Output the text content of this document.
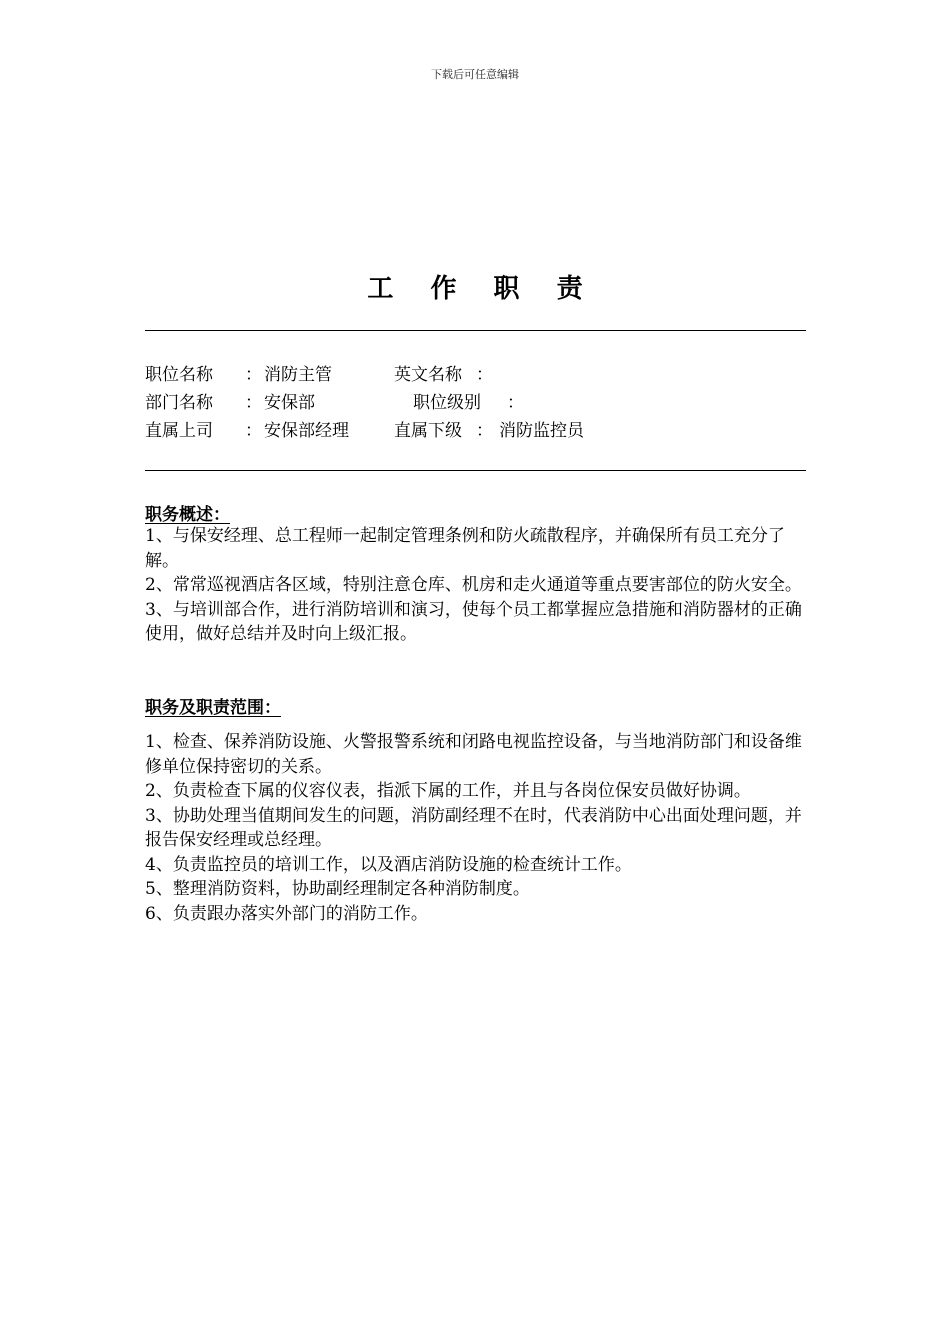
下载后可任意编辑
工 作 职 责
职位名称 ： 消防主管	英文名称 ：
部门名称 ： 安保部	职位级别 ：
直属上司 ： 安保部经理	直属下级 ： 消防监控员
职务概述：

1、与保安经理、总工程师一起制定管理条例和防火疏散程序，并确保所有员工充分了解。

2、常常巡视酒店各区域，特别注意仓库、机房和走火通道等重点要害部位的防火安全。

3、与培训部合作，进行消防培训和演习，使每个员工都掌握应急措施和消防器材的正确使用，做好总结并及时向上级汇报。

职务及职责范围：

1、检查、保养消防设施、火警报警系统和闭路电视监控设备，与当地消防部门和设备维修单位保持密切的关系。

2、负责检查下属的仪容仪表，指派下属的工作，并且与各岗位保安员做好协调。

3、协助处理当值期间发生的问题，消防副经理不在时，代表消防中心出面处理问题，并报告保安经理或总经理。

4、负责监控员的培训工作，以及酒店消防设施的检查统计工作。

5、整理消防资料，协助副经理制定各种消防制度。

6、负责跟办落实外部门的消防工作。
